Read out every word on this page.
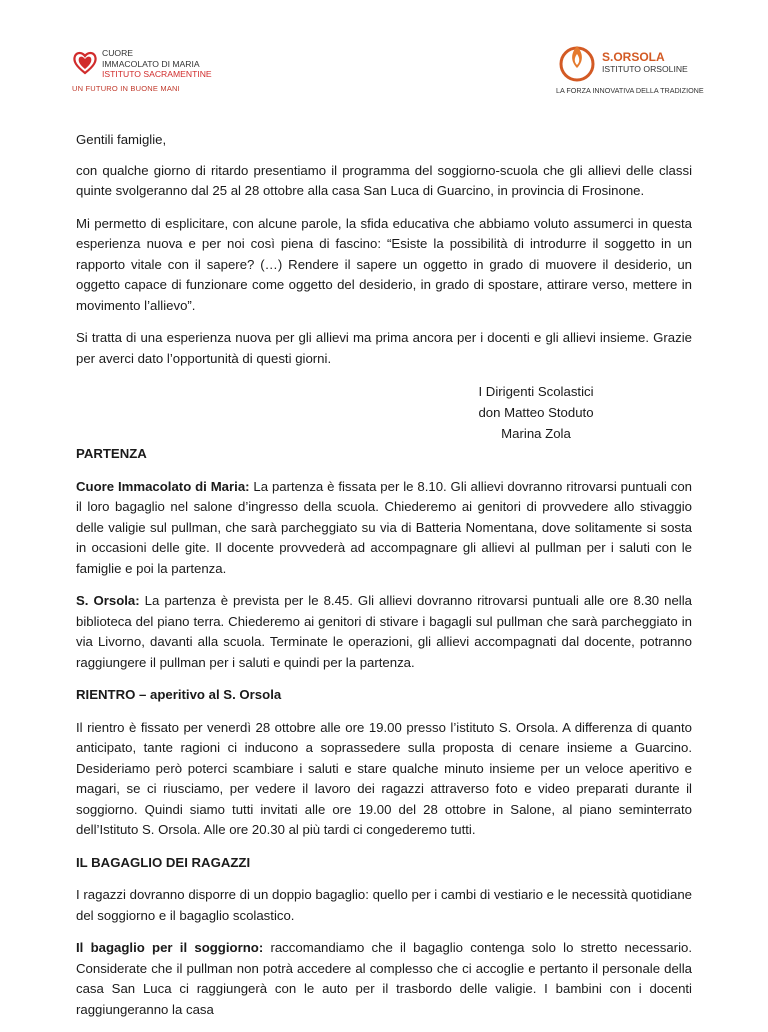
CUORE
IMMACOLATO DI MARIA
ISTITUTO SACRAMENTINE
UN FUTURO IN BUONE MANI
S.ORSOLA
ISTITUTO ORSOLINE
LA FORZA INNOVATIVA DELLA TRADIZIONE

Gentili famiglie,

con qualche giorno di ritardo presentiamo il programma del soggiorno-scuola che gli allievi delle classi quinte svolgeranno dal 25 al 28 ottobre alla casa San Luca di Guarcino, in provincia di Frosinone.

Mi permetto di esplicitare, con alcune parole, la sfida educativa che abbiamo voluto assumerci in questa esperienza nuova e per noi così piena di fascino: “Esiste la possibilità di introdurre il soggetto in un rapporto vitale con il sapere? (…) Rendere il sapere un oggetto in grado di muovere il desiderio, un oggetto capace di funzionare come oggetto del desiderio, in grado di spostare, attirare verso, mettere in movimento l’allievo”.

Si tratta di una esperienza nuova per gli allievi ma prima ancora per i docenti e gli allievi insieme. Grazie per averci dato l’opportunità di questi giorni.

I Dirigenti Scolastici
don Matteo Stoduto
Marina Zola

PARTENZA

Cuore Immacolato di Maria: La partenza è fissata per le 8.10. Gli allievi dovranno ritrovarsi puntuali con il loro bagaglio nel salone d’ingresso della scuola. Chiederemo ai genitori di provvedere allo stivaggio delle valigie sul pullman, che sarà parcheggiato su via di Batteria Nomentana, dove solitamente si sosta in occasioni delle gite. Il docente provvederà ad accompagnare gli allievi al pullman per i saluti con le famiglie e poi la partenza.

S. Orsola: La partenza è prevista per le 8.45. Gli allievi dovranno ritrovarsi puntuali alle ore 8.30 nella biblioteca del piano terra. Chiederemo ai genitori di stivare i bagagli sul pullman che sarà parcheggiato in via Livorno, davanti alla scuola. Terminate le operazioni, gli allievi accompagnati dal docente, potranno raggiungere il pullman per i saluti e quindi per la partenza.

RIENTRO – aperitivo al S. Orsola

Il rientro è fissato per venerdì 28 ottobre alle ore 19.00 presso l’istituto S. Orsola. A differenza di quanto anticipato, tante ragioni ci inducono a soprassedere sulla proposta di cenare insieme a Guarcino. Desideriamo però poterci scambiare i saluti e stare qualche minuto insieme per un veloce aperitivo e magari, se ci riusciamo, per vedere il lavoro dei ragazzi attraverso foto e video preparati durante il soggiorno. Quindi siamo tutti invitati alle ore 19.00 del 28 ottobre in Salone, al piano seminterrato dell’Istituto S. Orsola. Alle ore 20.30 al più tardi ci congederemo tutti.

IL BAGAGLIO DEI RAGAZZI

I ragazzi dovranno disporre di un doppio bagaglio: quello per i cambi di vestiario e le necessità quotidiane del soggiorno e il bagaglio scolastico.

Il bagaglio per il soggiorno: raccomandiamo che il bagaglio contenga solo lo stretto necessario. Considerate che il pullman non potrà accedere al complesso che ci accoglie e pertanto il personale della casa San Luca ci raggiungerà con le auto per il trasbordo delle valigie. I bambini con i docenti raggiungeranno la casa
